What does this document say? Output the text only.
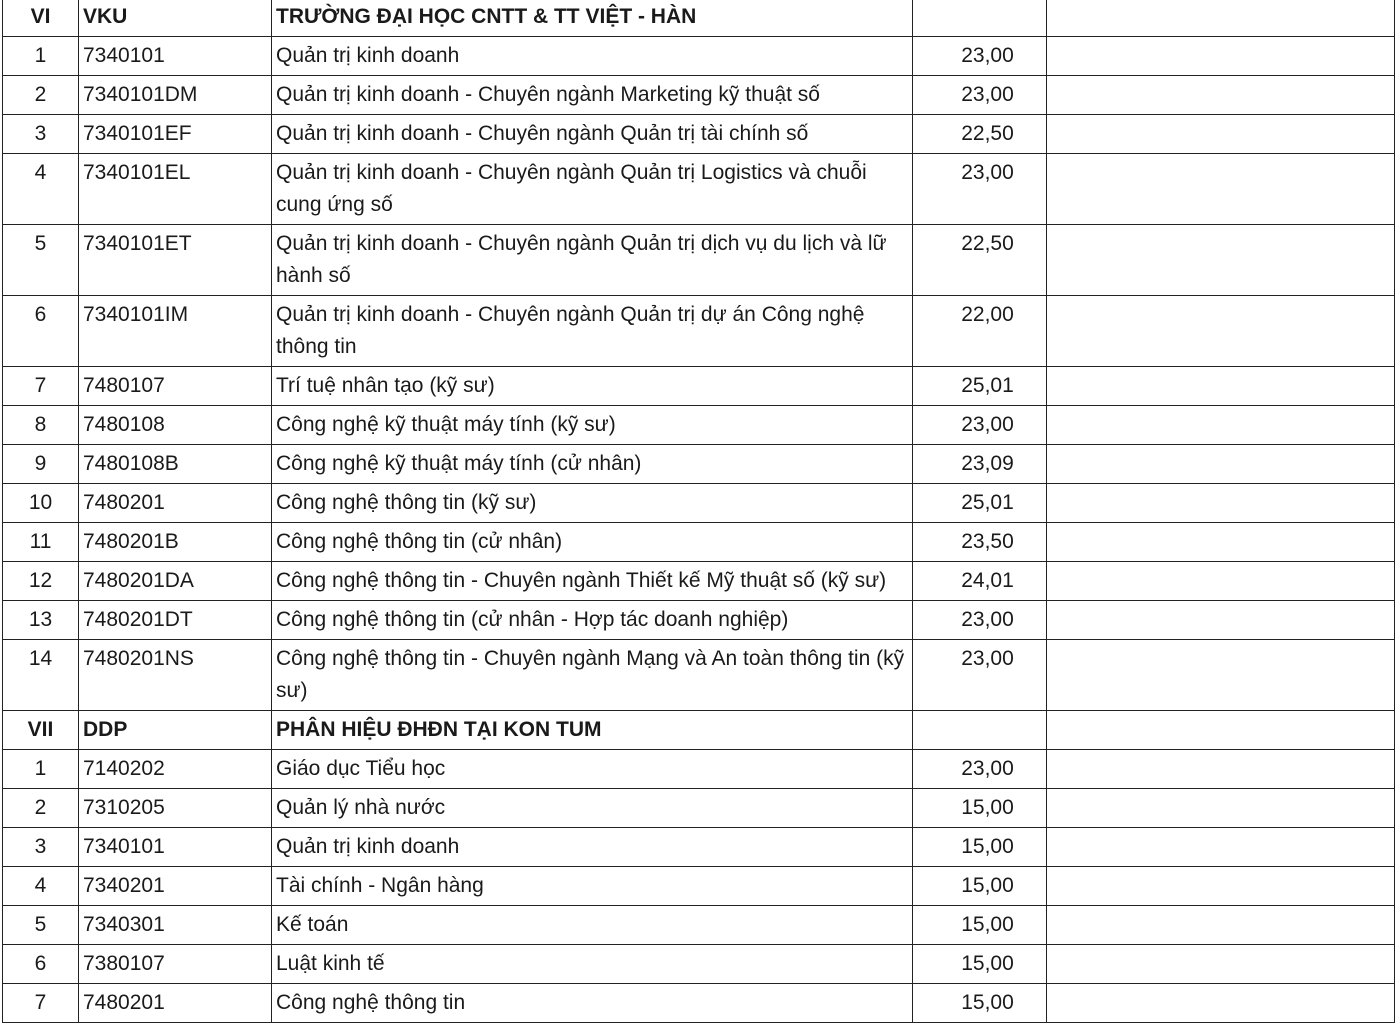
VI	VKU	TRƯỜNG ĐẠI HỌC CNTT & TT VIỆT - HÀN		
1	7340101	Quản trị kinh doanh	23,00	
2	7340101DM	Quản trị kinh doanh - Chuyên ngành Marketing kỹ thuật số	23,00	
3	7340101EF	Quản trị kinh doanh - Chuyên ngành Quản trị tài chính số	22,50	
4	7340101EL	Quản trị kinh doanh - Chuyên ngành Quản trị Logistics và chuỗi cung ứng số	23,00	
5	7340101ET	Quản trị kinh doanh - Chuyên ngành Quản trị dịch vụ du lịch và lữ hành số	22,50	
6	7340101IM	Quản trị kinh doanh - Chuyên ngành Quản trị dự án Công nghệ thông tin	22,00	
7	7480107	Trí tuệ nhân tạo (kỹ sư)	25,01	
8	7480108	Công nghệ kỹ thuật máy tính (kỹ sư)	23,00	
9	7480108B	Công nghệ kỹ thuật máy tính (cử nhân)	23,09	
10	7480201	Công nghệ thông tin (kỹ sư)	25,01	
11	7480201B	Công nghệ thông tin (cử nhân)	23,50	
12	7480201DA	Công nghệ thông tin - Chuyên ngành Thiết kế Mỹ thuật số (kỹ sư)	24,01	
13	7480201DT	Công nghệ thông tin (cử nhân - Hợp tác doanh nghiệp)	23,00	
14	7480201NS	Công nghệ thông tin - Chuyên ngành Mạng và An toàn thông tin (kỹ sư)	23,00	
VII	DDP	PHÂN HIỆU ĐHĐN TẠI KON TUM		
1	7140202	Giáo dục Tiểu học	23,00	
2	7310205	Quản lý nhà nước	15,00	
3	7340101	Quản trị kinh doanh	15,00	
4	7340201	Tài chính - Ngân hàng	15,00	
5	7340301	Kế toán	15,00	
6	7380107	Luật kinh tế	15,00	
7	7480201	Công nghệ thông tin	15,00	
